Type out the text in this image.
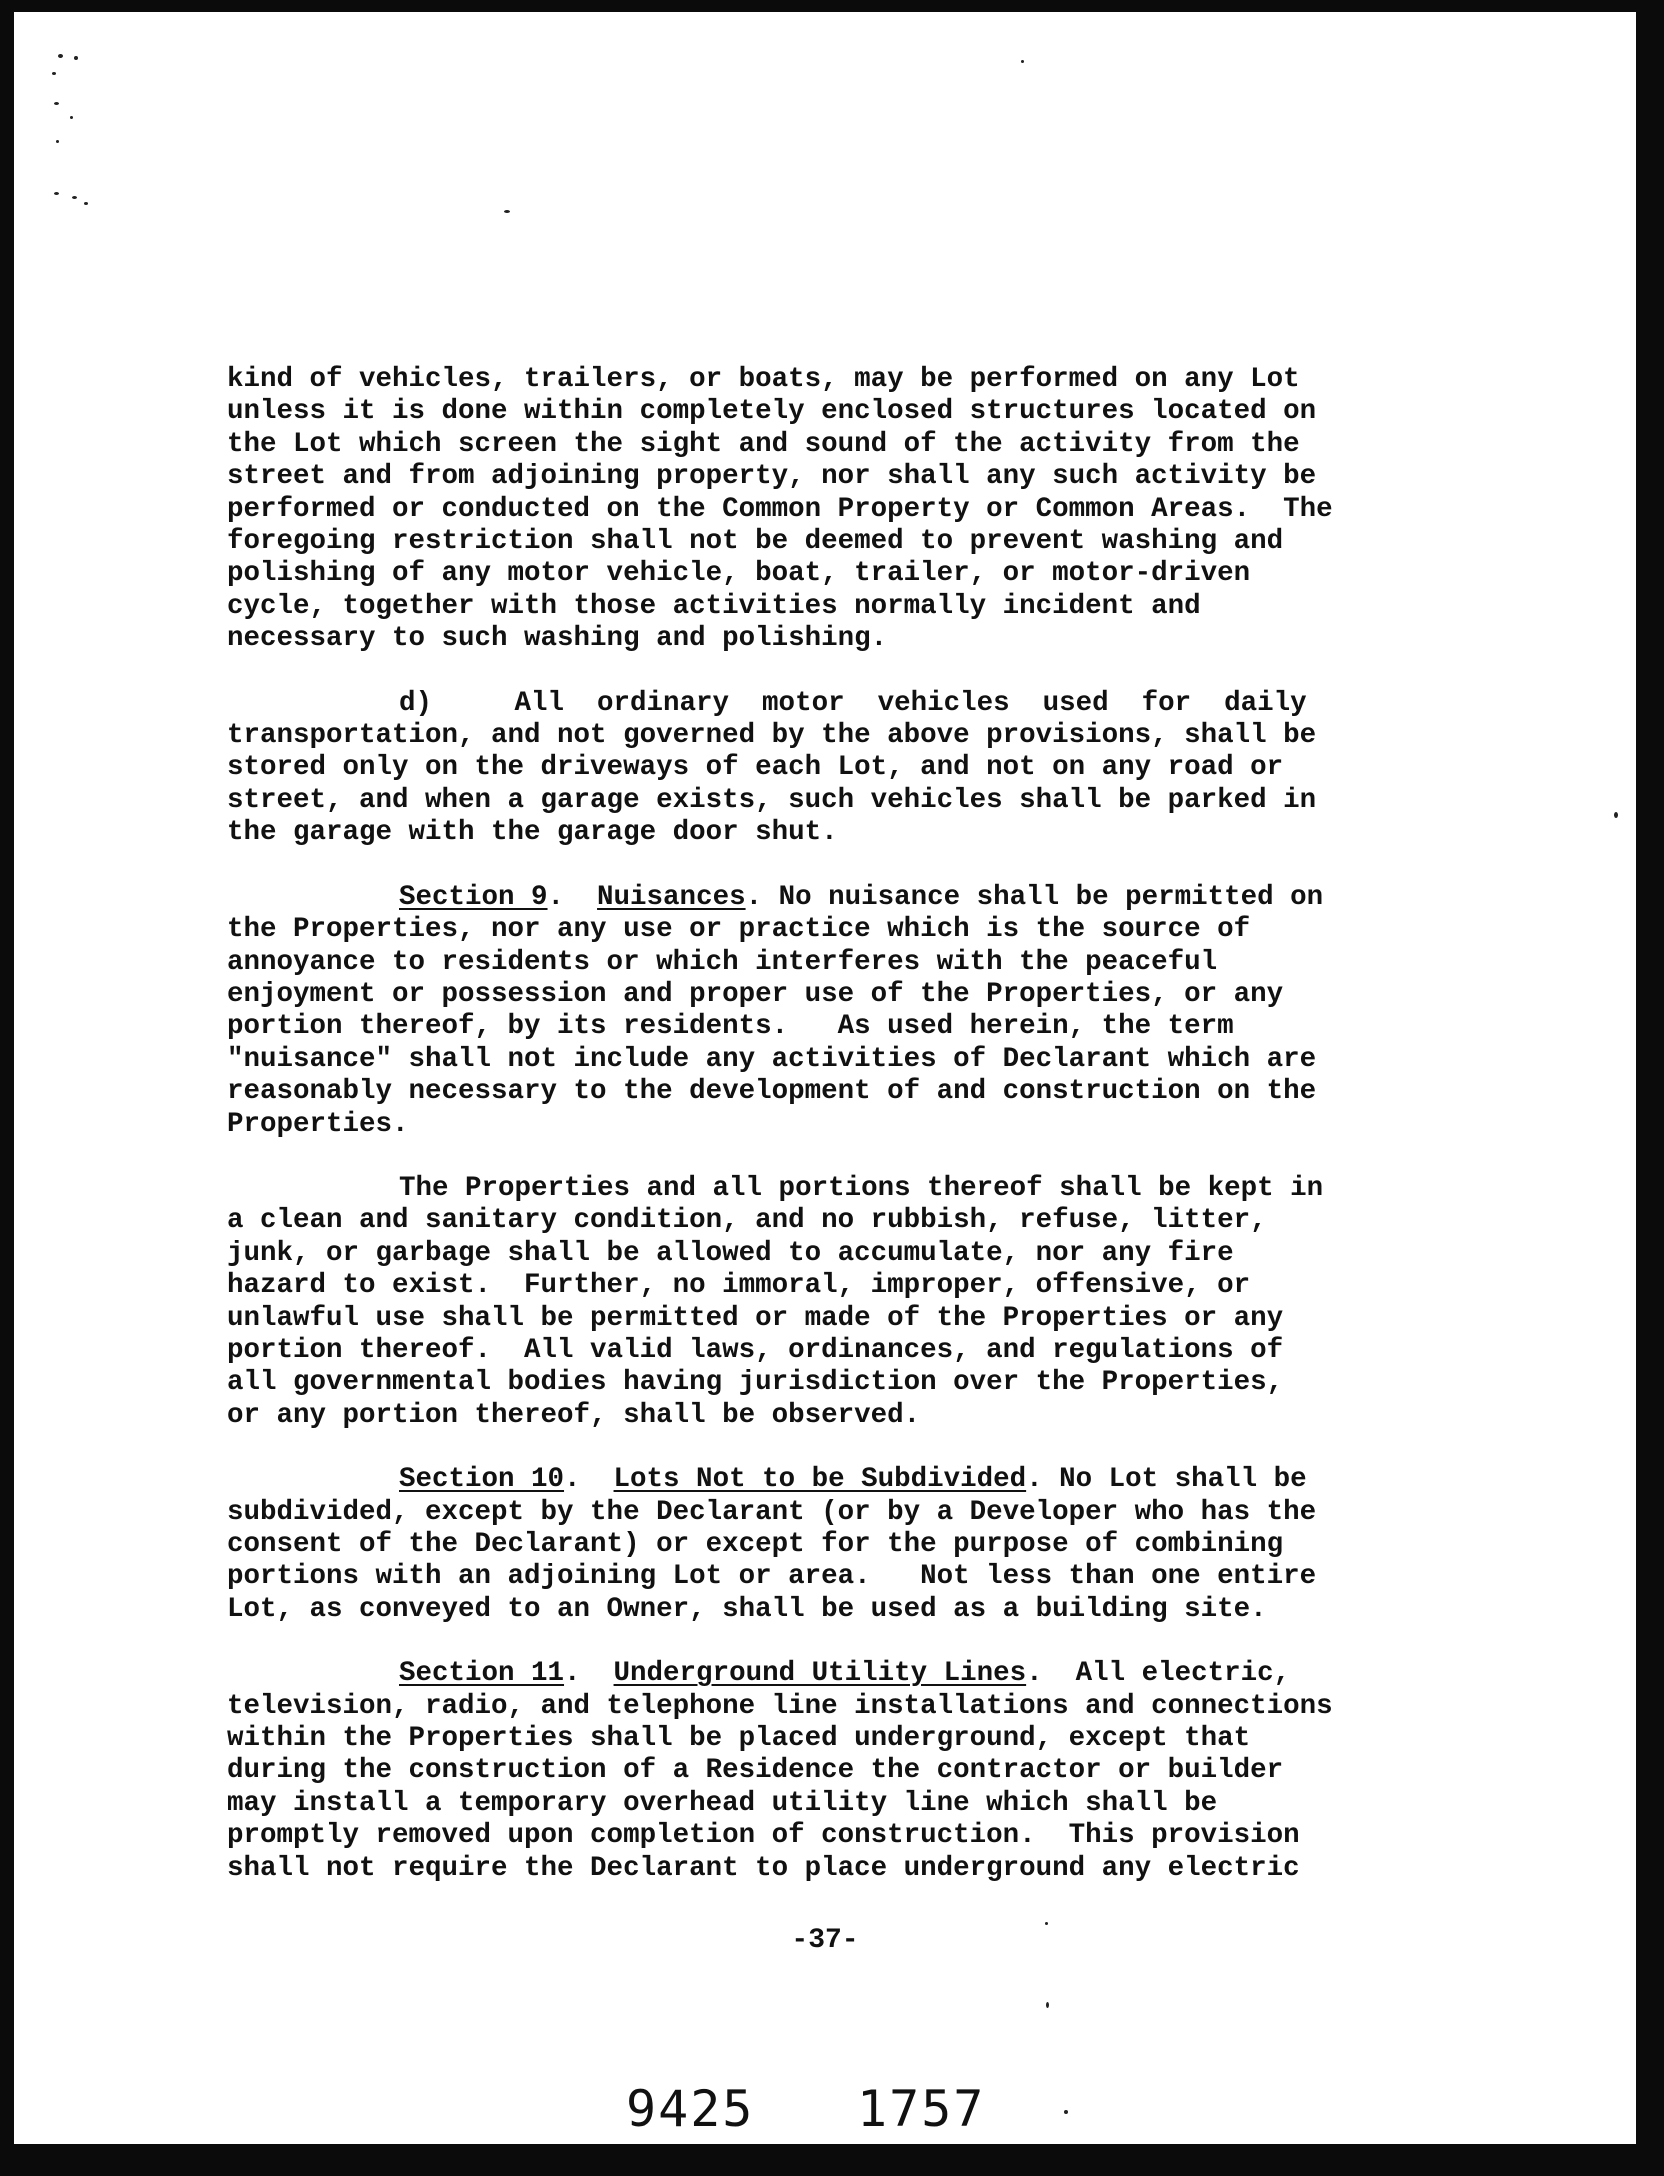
kind of vehicles, trailers, or boats, may be performed on any Lot
unless it is done within completely enclosed structures located on
the Lot which screen the sight and sound of the activity from the
street and from adjoining property, nor shall any such activity be
performed or conducted on the Common Property or Common Areas.  The
foregoing restriction shall not be deemed to prevent washing and
polishing of any motor vehicle, boat, trailer, or motor-driven
cycle, together with those activities normally incident and
necessary to such washing and polishing.
d)     All  ordinary  motor  vehicles  used  for  daily
transportation, and not governed by the above provisions, shall be
stored only on the driveways of each Lot, and not on any road or
street, and when a garage exists, such vehicles shall be parked in
the garage with the garage door shut.
Section 9.  Nuisances. No nuisance shall be permitted on
the Properties, nor any use or practice which is the source of
annoyance to residents or which interferes with the peaceful
enjoyment or possession and proper use of the Properties, or any
portion thereof, by its residents.   As used herein, the term
"nuisance" shall not include any activities of Declarant which are
reasonably necessary to the development of and construction on the
Properties.
The Properties and all portions thereof shall be kept in
a clean and sanitary condition, and no rubbish, refuse, litter,
junk, or garbage shall be allowed to accumulate, nor any fire
hazard to exist.  Further, no immoral, improper, offensive, or
unlawful use shall be permitted or made of the Properties or any
portion thereof.  All valid laws, ordinances, and regulations of
all governmental bodies having jurisdiction over the Properties,
or any portion thereof, shall be observed.
Section 10.  Lots Not to be Subdivided. No Lot shall be
subdivided, except by the Declarant (or by a Developer who has the
consent of the Declarant) or except for the purpose of combining
portions with an adjoining Lot or area.   Not less than one entire
Lot, as conveyed to an Owner, shall be used as a building site.
Section 11.  Underground Utility Lines.  All electric,
television, radio, and telephone line installations and connections
within the Properties shall be placed underground, except that
during the construction of a Residence the contractor or builder
may install a temporary overhead utility line which shall be
promptly removed upon completion of construction.  This provision
shall not require the Declarant to place underground any electric
-37-
9425 1757
